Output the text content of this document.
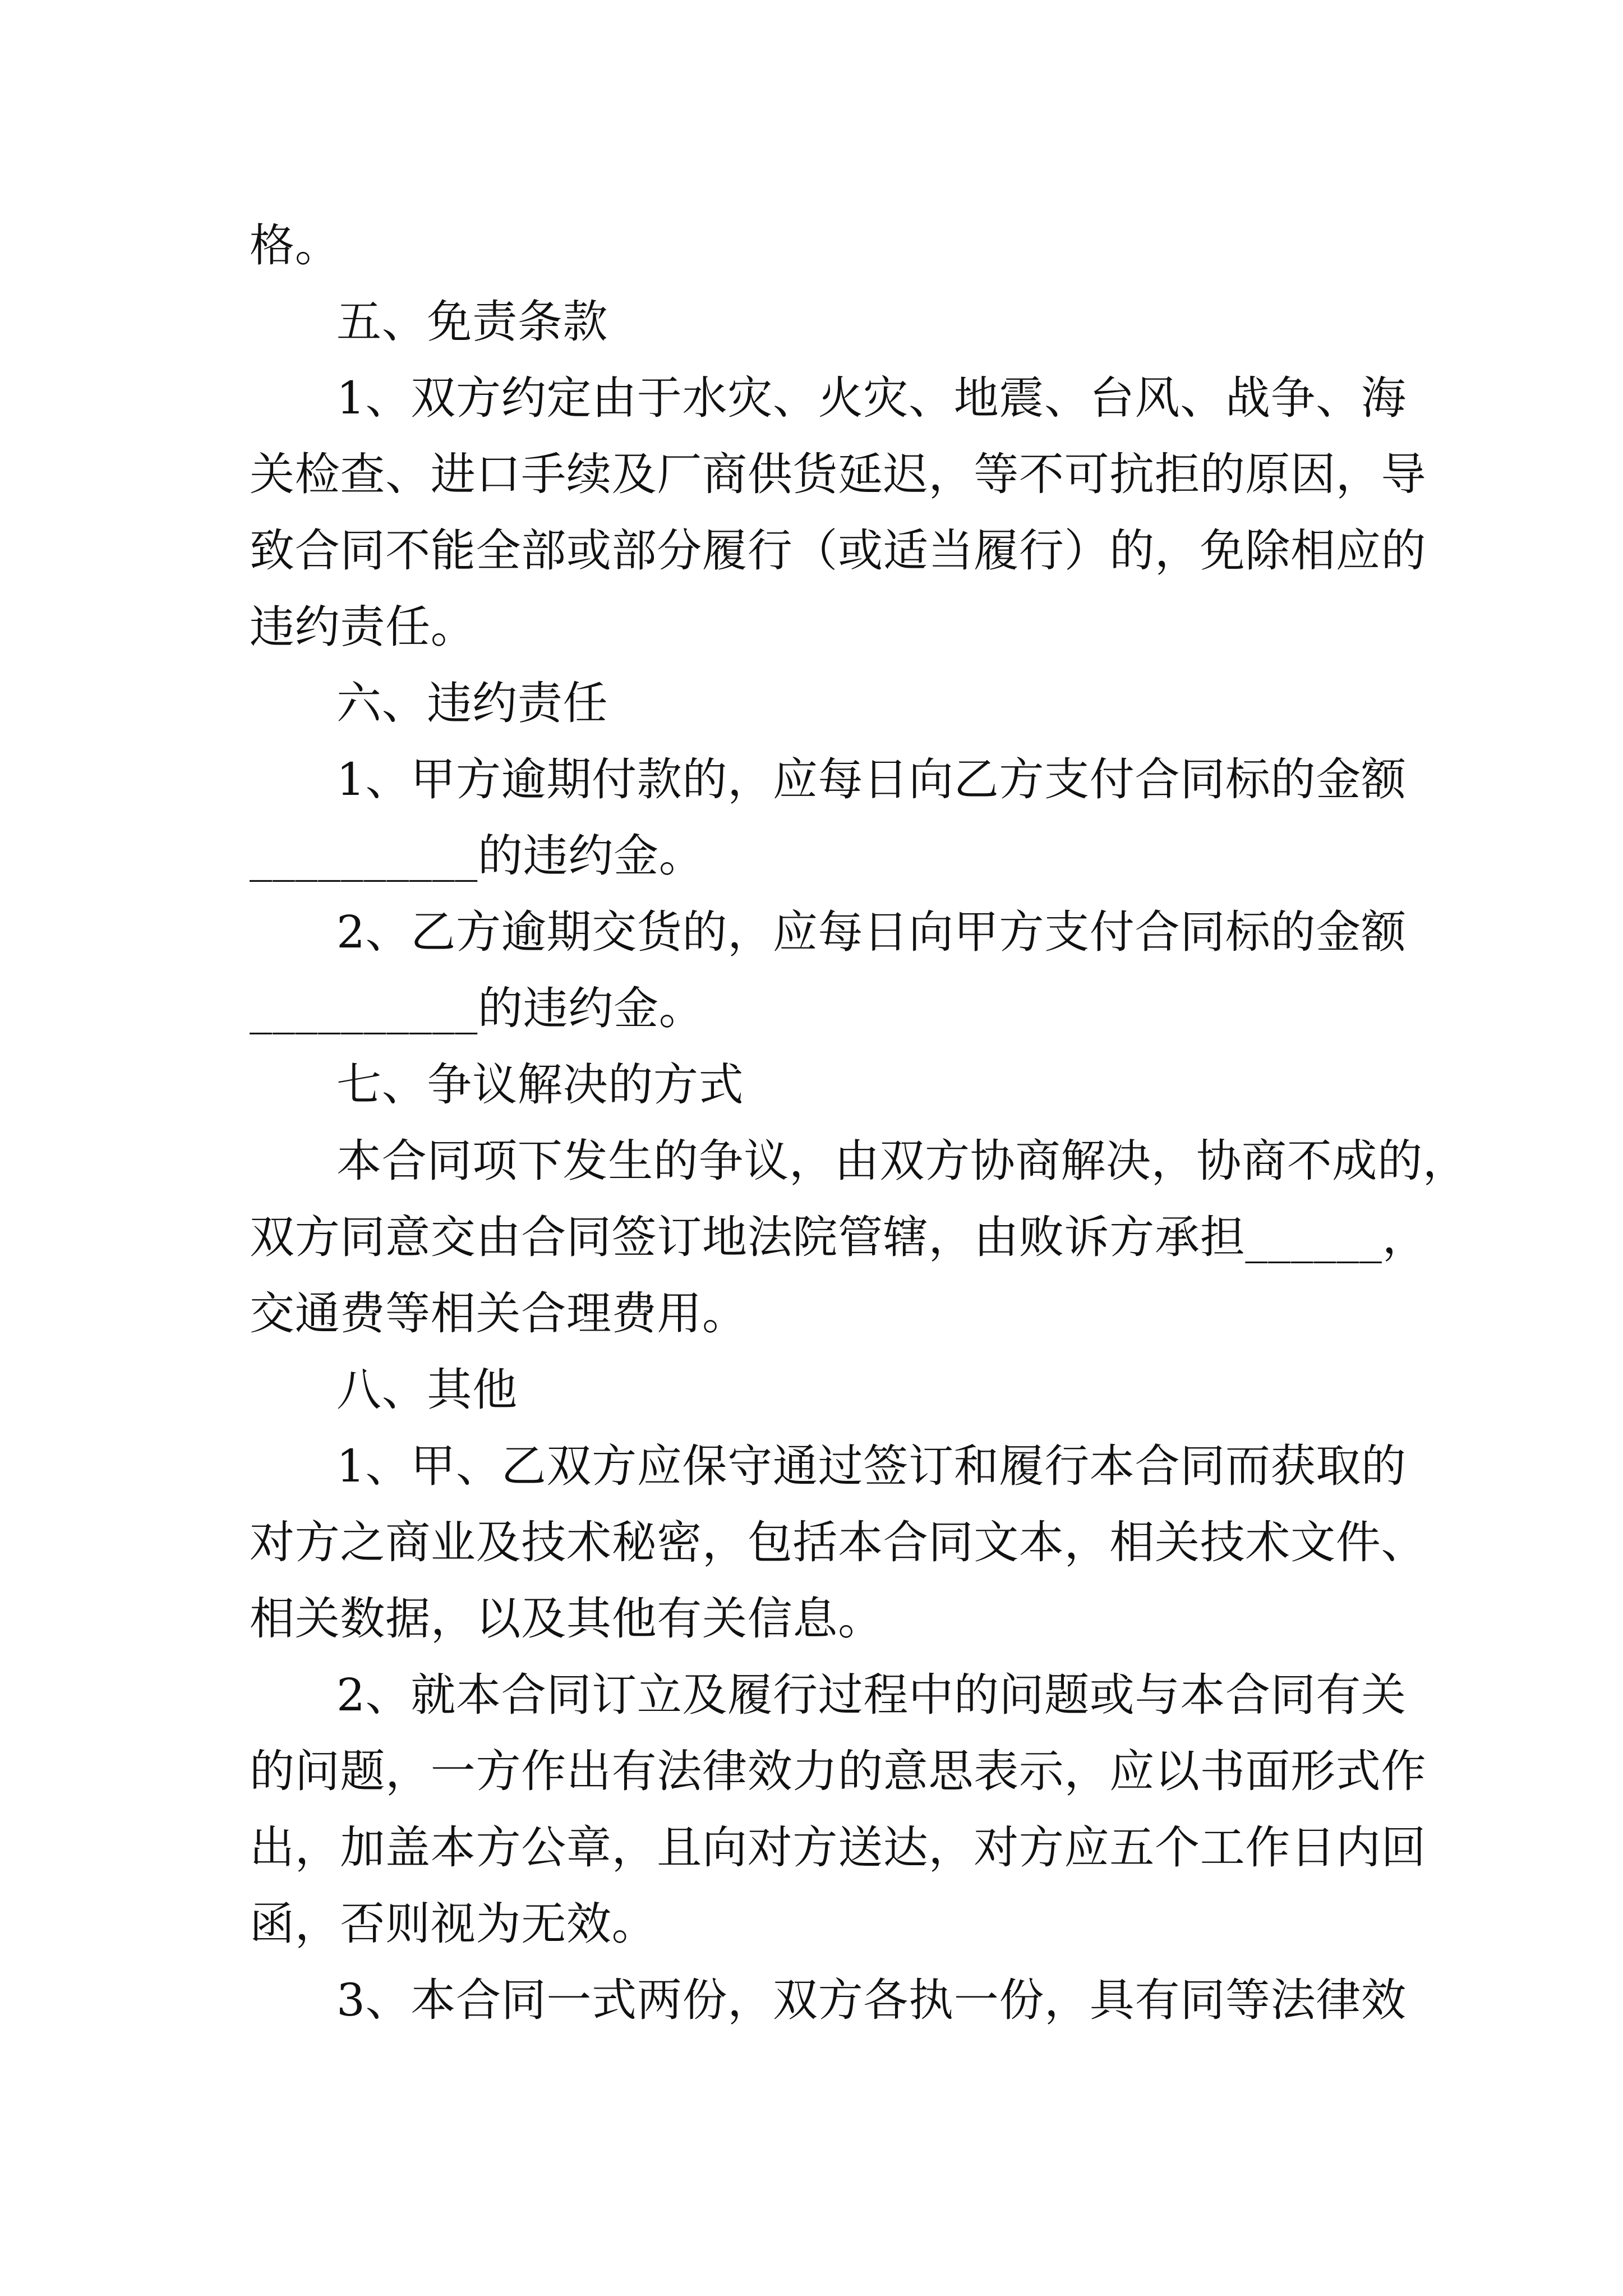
格。
五、免责条款
1、双方约定由于水灾、火灾、地震、台风、战争、海
关检查、进口手续及厂商供货延迟，等不可抗拒的原因，导
致合同不能全部或部分履行（或适当履行）的，免除相应的
违约责任。
六、违约责任
1、甲方逾期付款的，应每日向乙方支付合同标的金额
__________的违约金。
2、乙方逾期交货的，应每日向甲方支付合同标的金额
__________的违约金。
七、争议解决的方式
本合同项下发生的争议，由双方协商解决，协商不成的，
双方同意交由合同签订地法院管辖，由败诉方承担______，
交通费等相关合理费用。
八、其他
1、甲、乙双方应保守通过签订和履行本合同而获取的
对方之商业及技术秘密，包括本合同文本，相关技术文件、
相关数据，以及其他有关信息。
2、就本合同订立及履行过程中的问题或与本合同有关
的问题，一方作出有法律效力的意思表示，应以书面形式作
出，加盖本方公章，且向对方送达，对方应五个工作日内回
函，否则视为无效。
3、本合同一式两份，双方各执一份，具有同等法律效
